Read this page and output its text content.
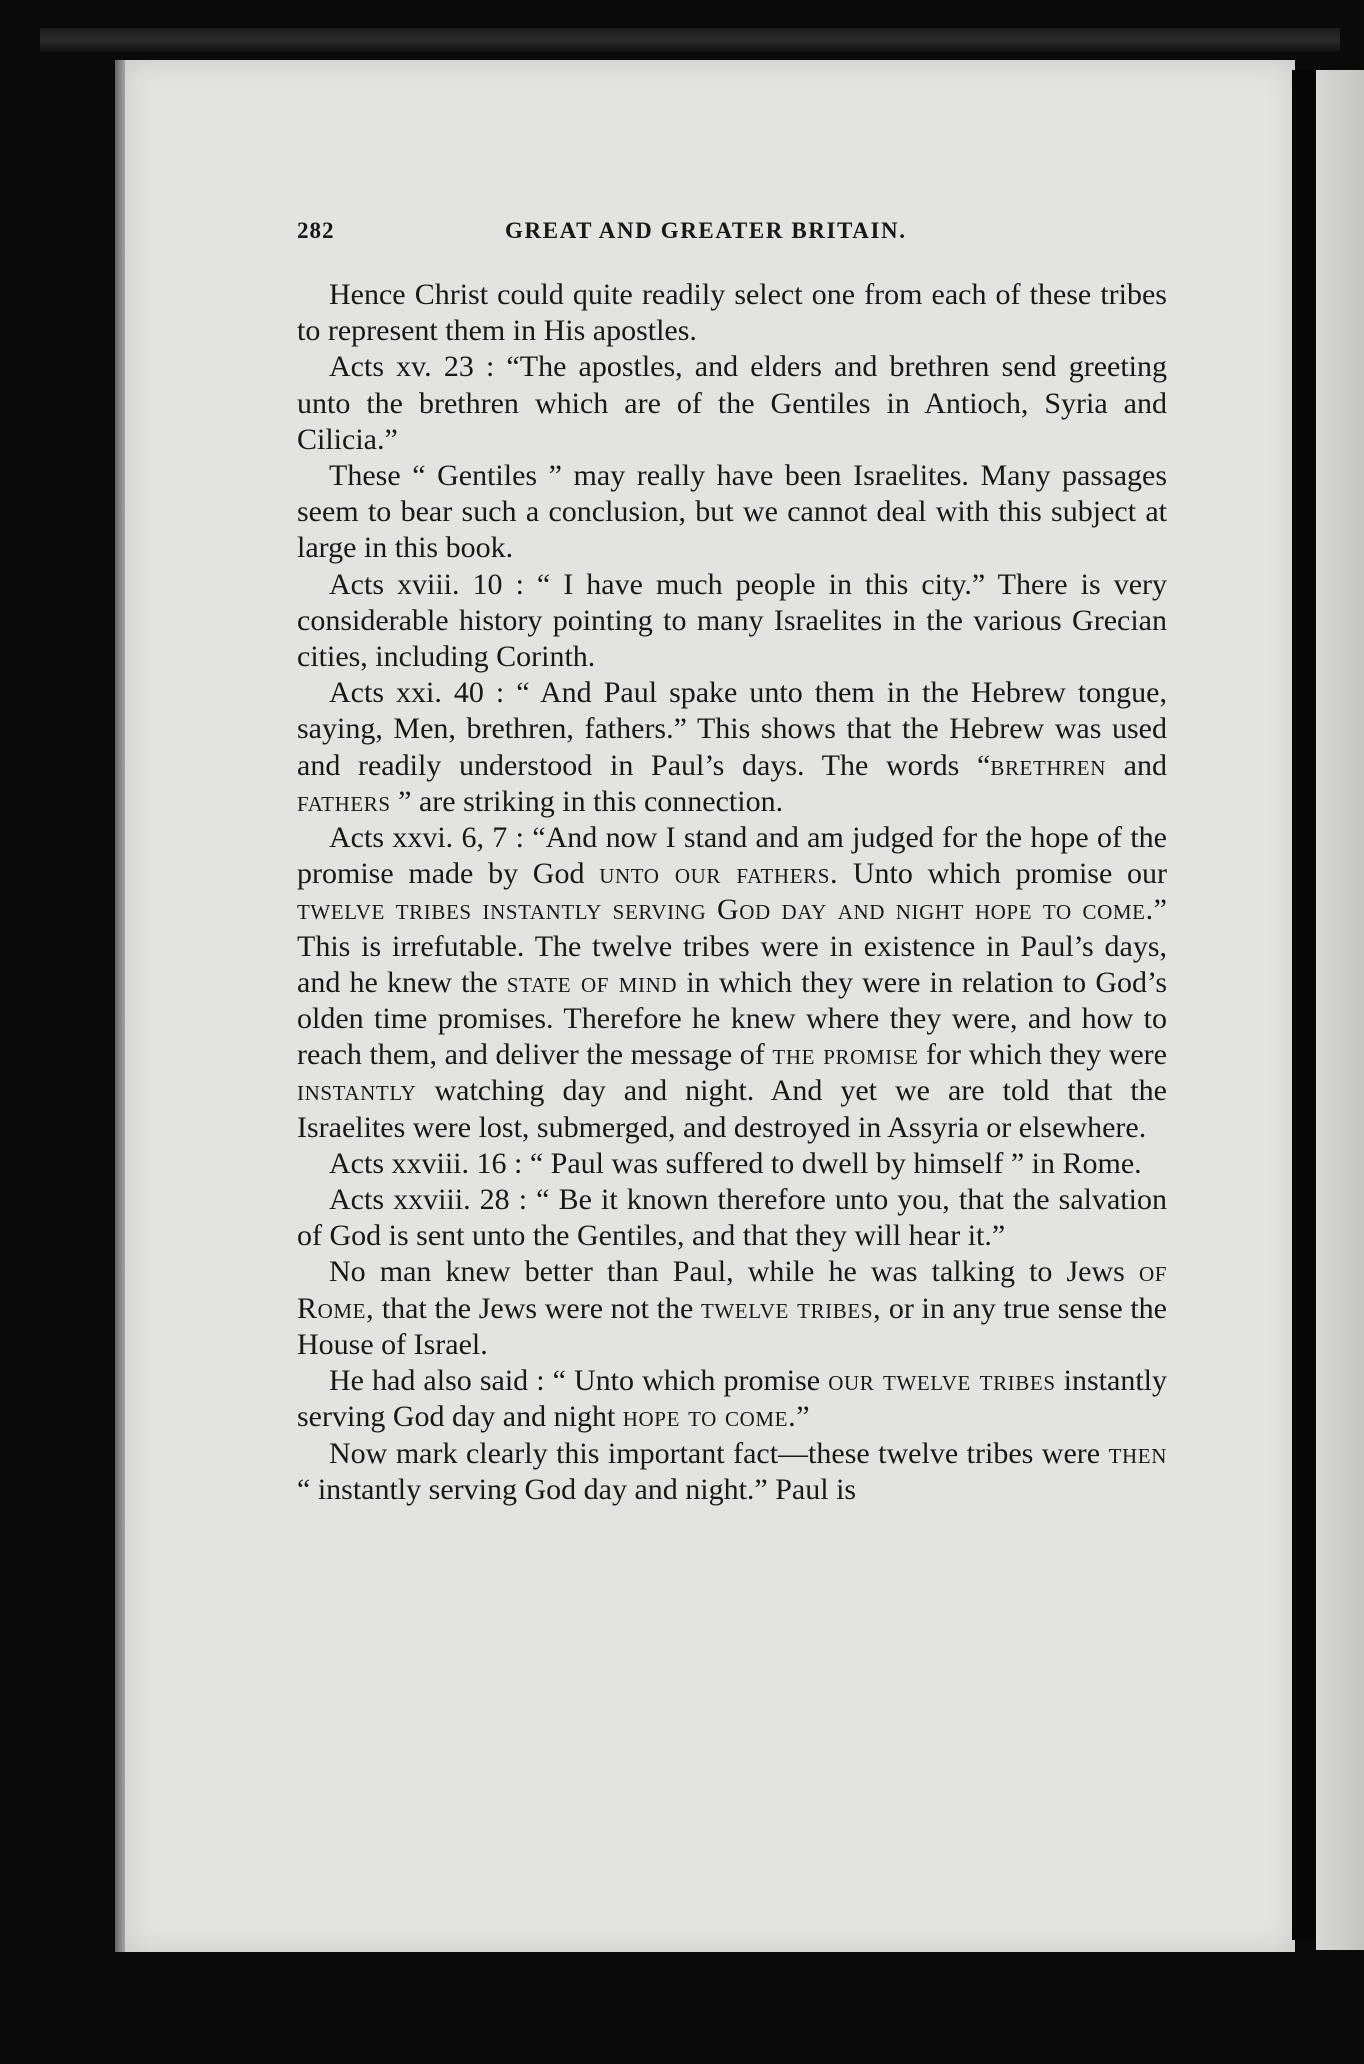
282	GREAT AND GREATER BRITAIN.

Hence Christ could quite readily select one from each of these tribes to represent them in His apostles.

Acts xv. 23 : “The apostles, and elders and brethren send greeting unto the brethren which are of the Gentiles in Antioch, Syria and Cilicia.”

These “ Gentiles ” may really have been Israelites. Many passages seem to bear such a conclusion, but we cannot deal with this subject at large in this book.

Acts xviii. 10 : “ I have much people in this city.” There is very considerable history pointing to many Israelites in the various Grecian cities, including Corinth.

Acts xxi. 40 : “ And Paul spake unto them in the Hebrew tongue, saying, Men, brethren, fathers.” This shows that the Hebrew was used and readily understood in Paul’s days. The words “brethren and fathers ” are striking in this connection.

Acts xxvi. 6, 7 : “And now I stand and am judged for the hope of the promise made by God unto our fathers. Unto which promise our twelve tribes instantly serving God day and night hope to come.” This is irrefutable. The twelve tribes were in existence in Paul’s days, and he knew the state of mind in which they were in relation to God’s olden time promises. Therefore he knew where they were, and how to reach them, and deliver the message of the promise for which they were instantly watching day and night. And yet we are told that the Israelites were lost, submerged, and destroyed in Assyria or elsewhere.

Acts xxviii. 16 : “ Paul was suffered to dwell by himself ” in Rome.

Acts xxviii. 28 : “ Be it known therefore unto you, that the salvation of God is sent unto the Gentiles, and that they will hear it.”

No man knew better than Paul, while he was talking to Jews of Rome, that the Jews were not the twelve tribes, or in any true sense the House of Israel.

He had also said : “ Unto which promise our twelve tribes instantly serving God day and night hope to come.”

Now mark clearly this important fact—these twelve tribes were then “ instantly serving God day and night.” Paul is
